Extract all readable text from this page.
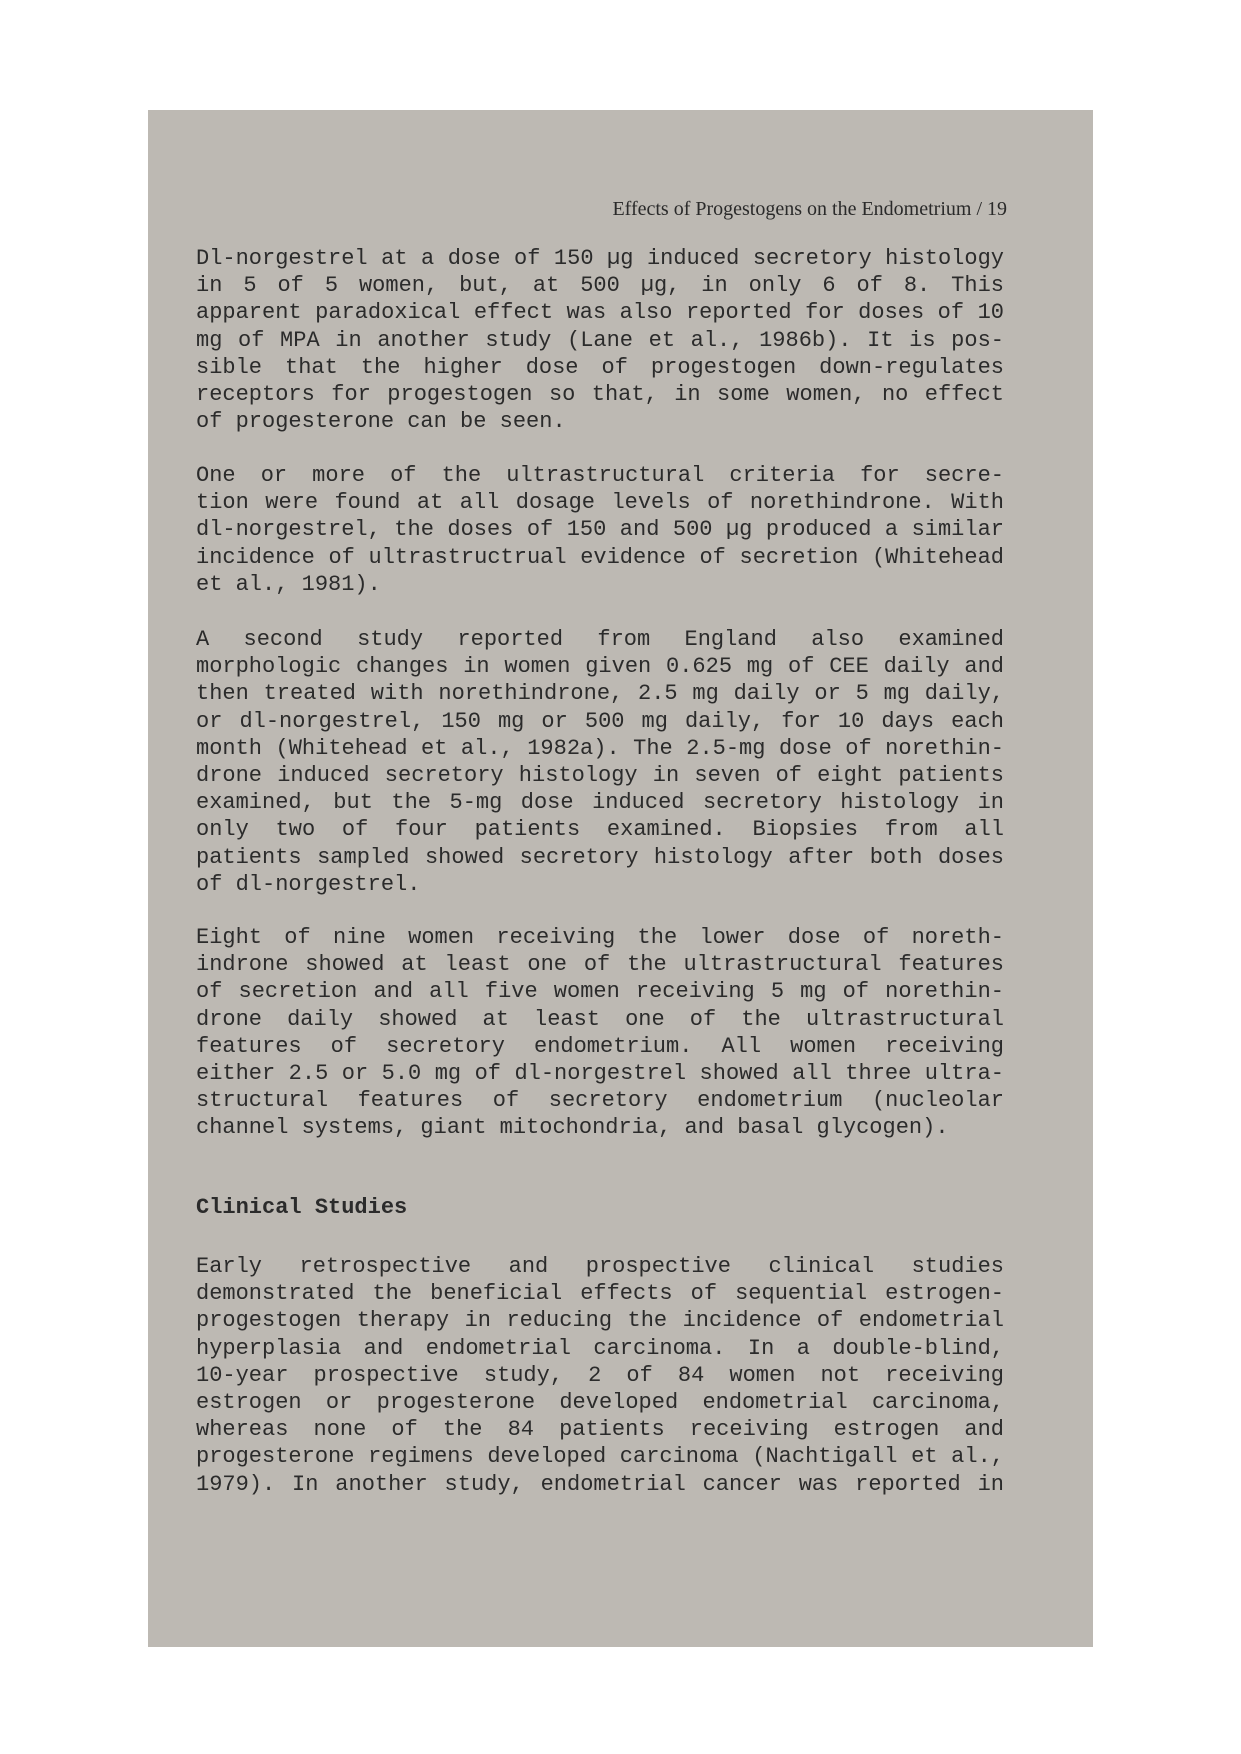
Effects of Progestogens on the Endometrium / 19
Dl-norgestrel at a dose of 150 µg induced secretory histology
in 5 of 5 women, but, at 500 µg, in only 6 of 8. This
apparent paradoxical effect was also reported for doses of 10
mg of MPA in another study (Lane et al., 1986b). It is pos-
sible that the higher dose of progestogen down-regulates
receptors for progestogen so that, in some women, no effect
of progesterone can be seen.
One or more of the ultrastructural criteria for secre-
tion were found at all dosage levels of norethindrone. With
dl-norgestrel, the doses of 150 and 500 µg produced a similar
incidence of ultrastructrual evidence of secretion (Whitehead
et al., 1981).
A second study reported from England also examined
morphologic changes in women given 0.625 mg of CEE daily and
then treated with norethindrone, 2.5 mg daily or 5 mg daily,
or dl-norgestrel, 150 mg or 500 mg daily, for 10 days each
month (Whitehead et al., 1982a). The 2.5-mg dose of norethin-
drone induced secretory histology in seven of eight patients
examined, but the 5-mg dose induced secretory histology in
only two of four patients examined. Biopsies from all
patients sampled showed secretory histology after both doses
of dl-norgestrel.
Eight of nine women receiving the lower dose of noreth-
indrone showed at least one of the ultrastructural features
of secretion and all five women receiving 5 mg of norethin-
drone daily showed at least one of the ultrastructural
features of secretory endometrium. All women receiving
either 2.5 or 5.0 mg of dl-norgestrel showed all three ultra-
structural features of secretory endometrium (nucleolar
channel systems, giant mitochondria, and basal glycogen).
Clinical Studies
Early retrospective and prospective clinical studies
demonstrated the beneficial effects of sequential estrogen-
progestogen therapy in reducing the incidence of endometrial
hyperplasia and endometrial carcinoma. In a double-blind,
10-year prospective study, 2 of 84 women not receiving
estrogen or progesterone developed endometrial carcinoma,
whereas none of the 84 patients receiving estrogen and
progesterone regimens developed carcinoma (Nachtigall et al.,
1979). In another study, endometrial cancer was reported in
